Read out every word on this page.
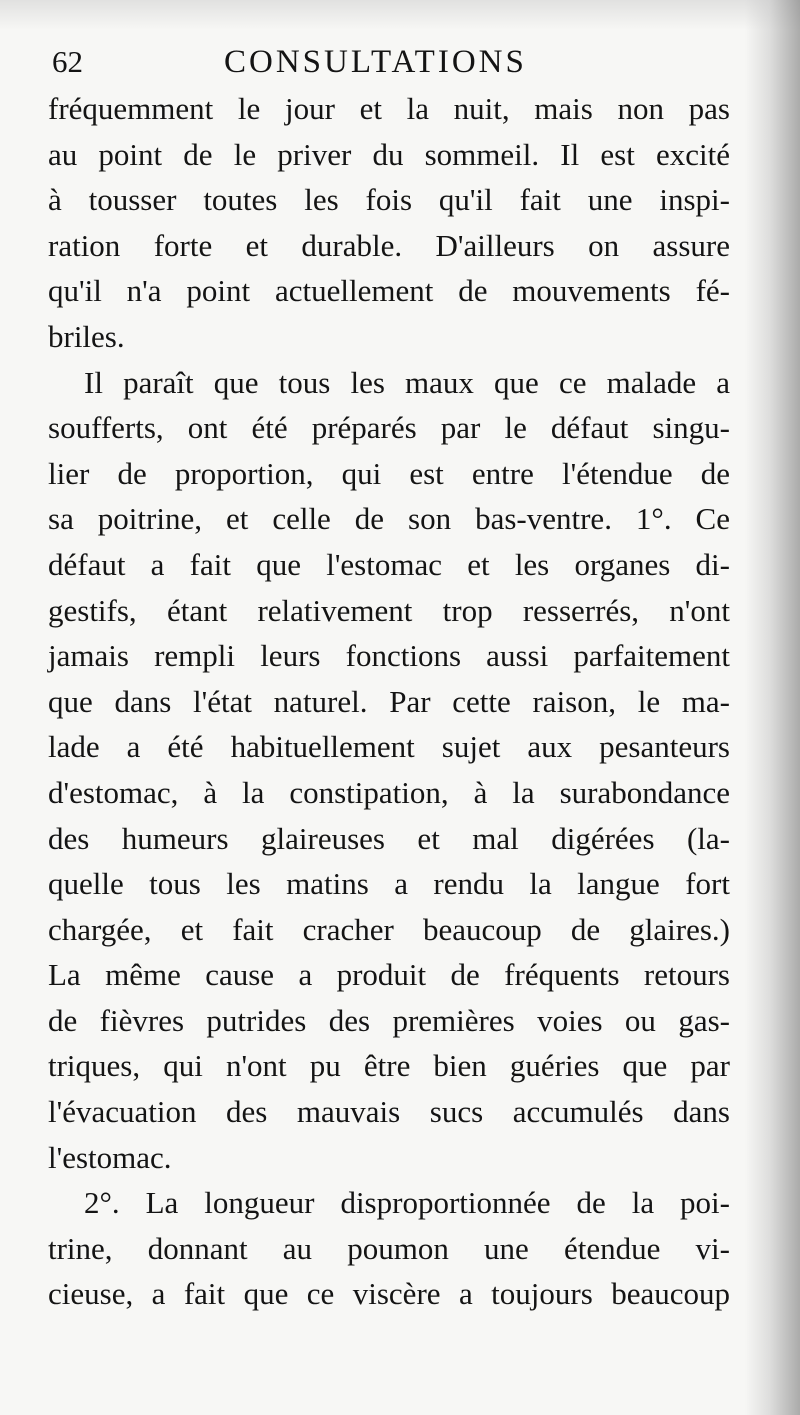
62	CONSULTATIONS
fréquemment le jour et la nuit, mais non pas
au point de le priver du sommeil. Il est excité
à tousser toutes les fois qu'il fait une inspi-
ration forte et durable. D'ailleurs on assure
qu'il n'a point actuellement de mouvements fé-
briles.
Il paraît que tous les maux que ce malade a
soufferts, ont été préparés par le défaut singu-
lier de proportion, qui est entre l'étendue de
sa poitrine, et celle de son bas-ventre. 1°. Ce
défaut a fait que l'estomac et les organes di-
gestifs, étant relativement trop resserrés, n'ont
jamais rempli leurs fonctions aussi parfaitement
que dans l'état naturel. Par cette raison, le ma-
lade a été habituellement sujet aux pesanteurs
d'estomac, à la constipation, à la surabondance
des humeurs glaireuses et mal digérées (la-
quelle tous les matins a rendu la langue fort
chargée, et fait cracher beaucoup de glaires.)
La même cause a produit de fréquents retours
de fièvres putrides des premières voies ou gas-
triques, qui n'ont pu être bien guéries que par
l'évacuation des mauvais sucs accumulés dans
l'estomac.
2°. La longueur disproportionnée de la poi-
trine, donnant au poumon une étendue vi-
cieuse, a fait que ce viscère a toujours beaucoup
